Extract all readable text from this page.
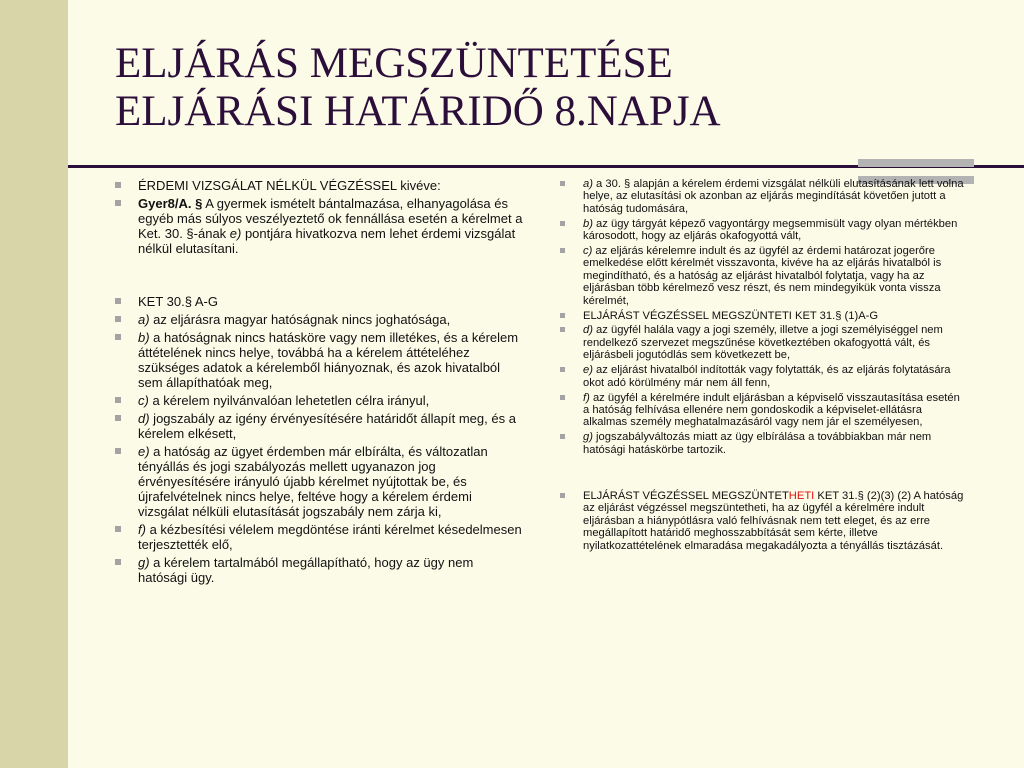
ELJÁRÁS MEGSZÜNTETÉSE
ELJÁRÁSI HATÁRIDŐ 8.NAPJA
ÉRDEMI VIZSGÁLAT NÉLKÜL VÉGZÉSSEL kivéve:
Gyer8/A. § A gyermek ismételt bántalmazása, elhanyagolása és egyéb más súlyos veszélyeztető ok fennállása esetén a kérelmet a Ket. 30. §-ának e) pontjára hivatkozva nem lehet érdemi vizsgálat nélkül elutasítani.
KET 30.§ A-G
a) az eljárásra magyar hatóságnak nincs joghatósága,
b) a hatóságnak nincs hatásköre vagy nem illetékes, és a kérelem áttételének nincs helye, továbbá ha a kérelem áttételéhez szükséges adatok a kérelemből hiányoznak, és azok hivatalból sem állapíthatóak meg,
c) a kérelem nyilvánvalóan lehetetlen célra irányul,
d) jogszabály az igény érvényesítésére határidőt állapít meg, és a kérelem elkésett,
e) a hatóság az ügyet érdemben már elbírálta, és változatlan tényállás és jogi szabályozás mellett ugyanazon jog érvényesítésére irányuló újabb kérelmet nyújtottak be, és újrafelvételnek nincs helye, feltéve hogy a kérelem érdemi vizsgálat nélküli elutasítását jogszabály nem zárja ki,
f) a kézbesítési vélelem megdöntése iránti kérelmet késedelmesen terjesztették elő,
g) a kérelem tartalmából megállapítható, hogy az ügy nem hatósági ügy.
a) a 30. § alapján a kérelem érdemi vizsgálat nélküli elutasításának lett volna helye, az elutasítási ok azonban az eljárás megindítását követően jutott a hatóság tudomására,
b) az ügy tárgyát képező vagyontárgy megsemmisült vagy olyan mértékben károsodott, hogy az eljárás okafogyottá vált,
c) az eljárás kérelemre indult és az ügyfél az érdemi határozat jogerőre emelkedése előtt kérelmét visszavonta, kivéve ha az eljárás hivatalból is megindítható, és a hatóság az eljárást hivatalból folytatja, vagy ha az eljárásban több kérelmező vesz részt, és nem mindegyikük vonta vissza kérelmét,
ELJÁRÁST VÉGZÉSSEL MEGSZÜNTETI KET 31.§ (1)A-G
d) az ügyfél halála vagy a jogi személy, illetve a jogi személyiséggel nem rendelkező szervezet megszűnése következtében okafogyottá vált, és eljárásbeli jogutódlás sem következett be,
e) az eljárást hivatalból indították vagy folytatták, és az eljárás folytatására okot adó körülmény már nem áll fenn,
f) az ügyfél a kérelmére indult eljárásban a képviselő visszautasítása esetén a hatóság felhívása ellenére nem gondoskodik a képviselet-ellátásra alkalmas személy meghatalmazásáról vagy nem jár el személyesen,
g) jogszabályváltozás miatt az ügy elbírálása a továbbiakban már nem hatósági hatáskörbe tartozik.
ELJÁRÁST VÉGZÉSSEL MEGSZÜNTETHETI KET 31.§ (2)(3) (2) A hatóság az eljárást végzéssel megszüntetheti, ha az ügyfél a kérelmére indult eljárásban a hiánypótlásra való felhívásnak nem tett eleget, és az erre megállapított határidő meghosszabbítását sem kérte, illetve nyilatkozattételének elmaradása megakadályozta a tényállás tisztázását.
